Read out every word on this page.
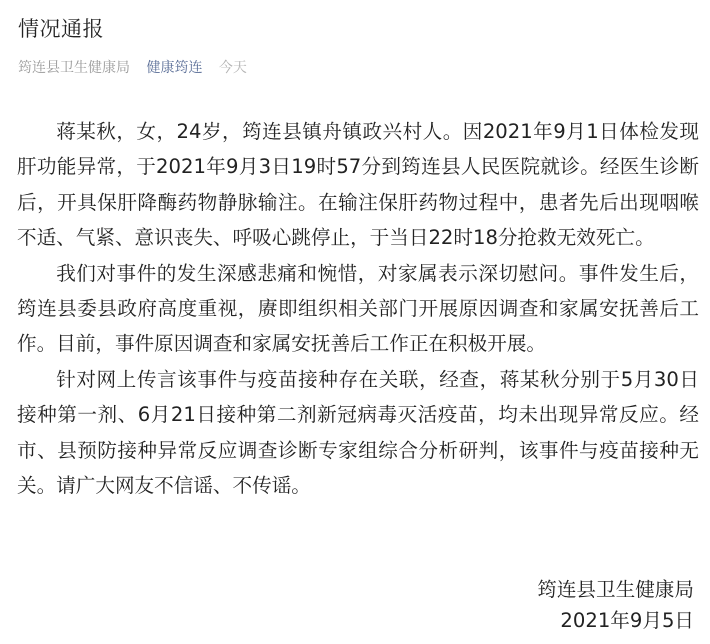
情况通报
筠连县卫生健康局 健康筠连 今天

蒋某秋，女，24岁，筠连县镇舟镇政兴村人。因2021年9月1日体检发现肝功能异常，于2021年9月3日19时57分到筠连县人民医院就诊。经医生诊断后，开具保肝降酶药物静脉输注。在输注保肝药物过程中，患者先后出现咽喉不适、气紧、意识丧失、呼吸心跳停止，于当日22时18分抢救无效死亡。

我们对事件的发生深感悲痛和惋惜，对家属表示深切慰问。事件发生后，筠连县委县政府高度重视，赓即组织相关部门开展原因调查和家属安抚善后工作。目前，事件原因调查和家属安抚善后工作正在积极开展。

针对网上传言该事件与疫苗接种存在关联，经查，蒋某秋分别于5月30日接种第一剂、6月21日接种第二剂新冠病毒灭活疫苗，均未出现异常反应。经市、县预防接种异常反应调查诊断专家组综合分析研判，该事件与疫苗接种无关。请广大网友不信谣、不传谣。

筠连县卫生健康局
2021年9月5日
